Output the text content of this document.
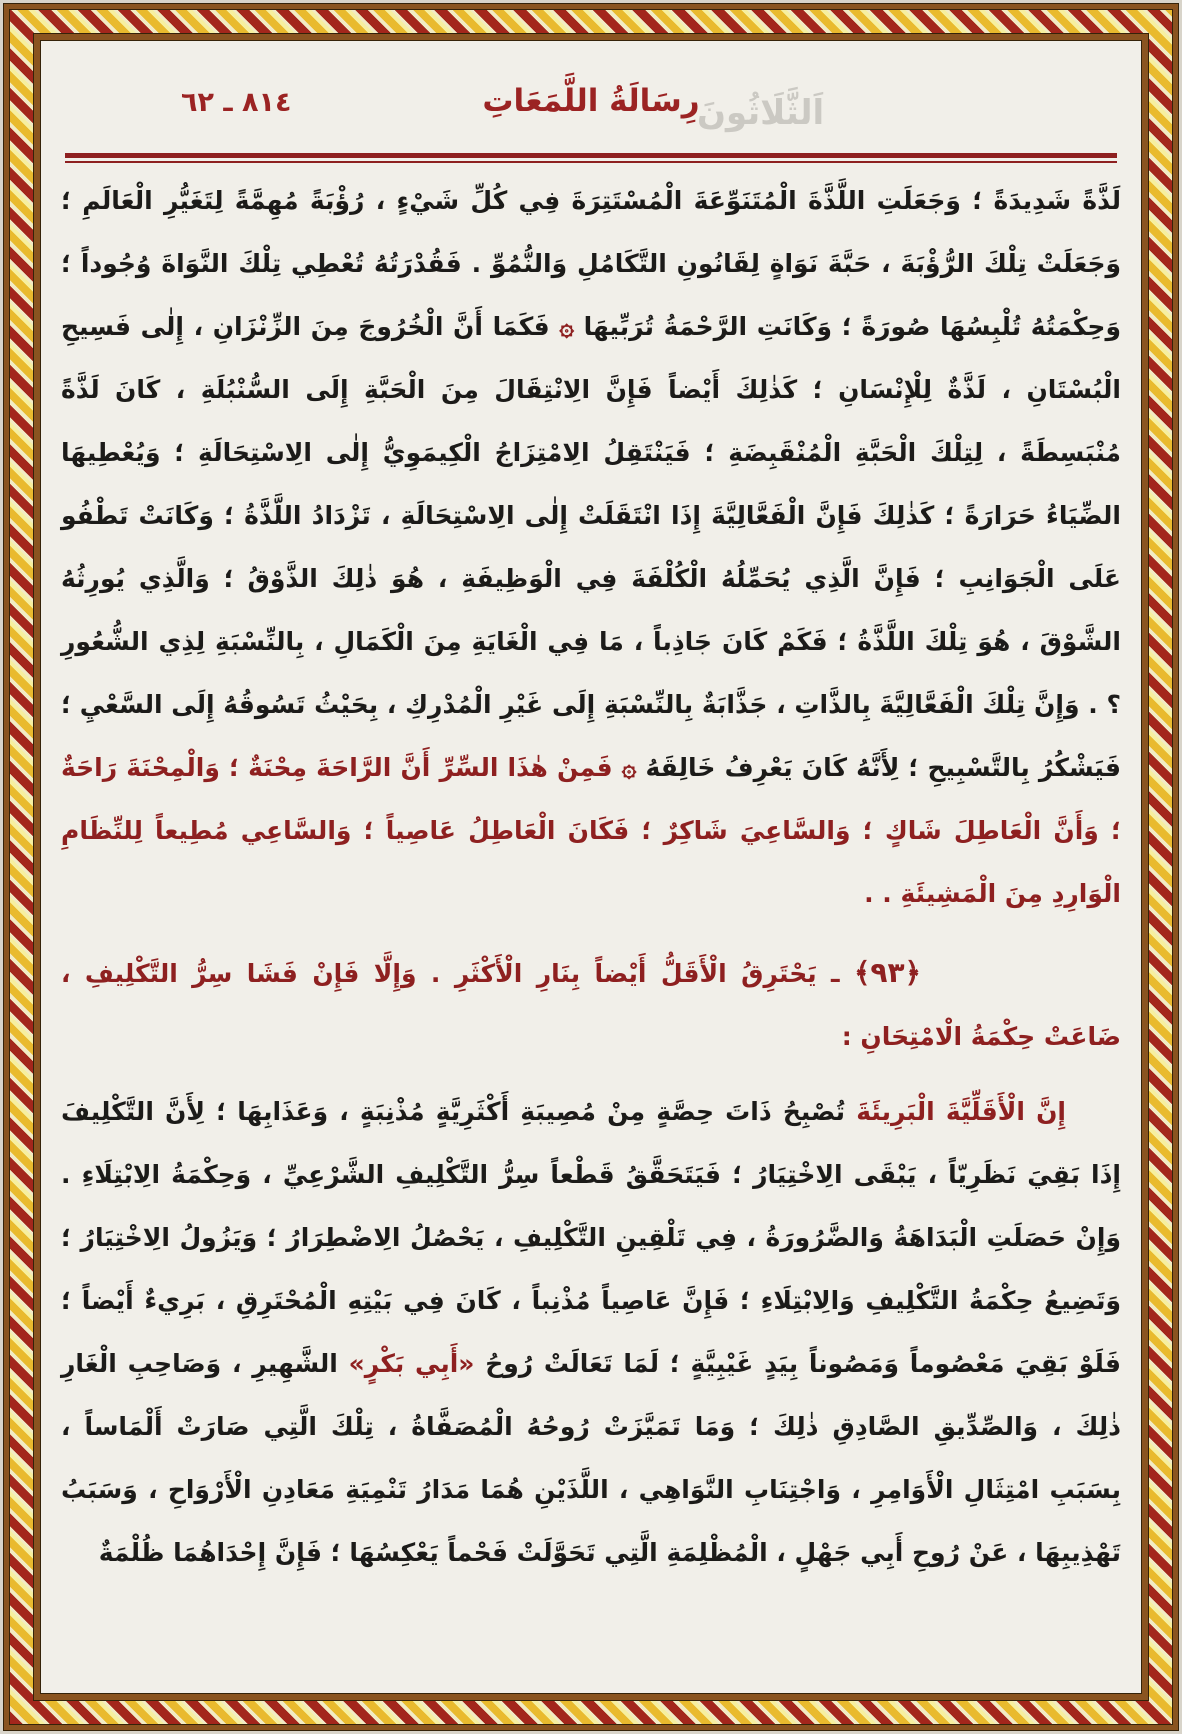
اَلثَّلَاثُونَ
رِسَالَةُ اللَّمَعَاتِ
٨١٤ ـ ٦٢

لَذَّةً شَدِيدَةً ؛ وَجَعَلَتِ اللَّذَّةَ الْمُتَنَوِّعَةَ الْمُسْتَتِرَةَ فِي كُلِّ شَيْءٍ ، رُؤْبَةً مُهِمَّةً لِتَغَيُّرِ الْعَالَمِ ؛ وَجَعَلَتْ تِلْكَ الرُّؤْبَةَ ، حَبَّةَ نَوَاةٍ لِقَانُونِ التَّكَامُلِ وَالنُّمُوِّ . فَقُدْرَتُهُ تُعْطِي تِلْكَ النَّوَاةَ وُجُوداً ؛ وَحِكْمَتُهُ تُلْبِسُهَا صُورَةً ؛ وَكَانَتِ الرَّحْمَةُ تُرَبِّيهَا ۞ فَكَمَا أَنَّ الْخُرُوجَ مِنَ الزِّنْزَانِ ، إِلٰى فَسِيحِ الْبُسْتَانِ ، لَذَّةٌ لِلْإِنْسَانِ ؛ كَذٰلِكَ أَيْضاً فَإِنَّ الِانْتِقَالَ مِنَ الْحَبَّةِ إِلَى السُّنْبُلَةِ ، كَانَ لَذَّةً مُنْبَسِطَةً ، لِتِلْكَ الْحَبَّةِ الْمُنْقَبِضَةِ ؛ فَيَنْتَقِلُ الِامْتِزَاجُ الْكِيمَوِيُّ إِلٰى الِاسْتِحَالَةِ ؛ وَيُعْطِيهَا الضِّيَاءُ حَرَارَةً ؛ كَذٰلِكَ فَإِنَّ الْفَعَّالِيَّةَ إِذَا انْتَقَلَتْ إِلٰى الِاسْتِحَالَةِ ، تَزْدَادُ اللَّذَّةُ ؛ وَكَانَتْ تَطْفُو عَلَى الْجَوَانِبِ ؛ فَإِنَّ الَّذِي يُحَمِّلُهُ الْكُلْفَةَ فِي الْوَظِيفَةِ ، هُوَ ذٰلِكَ الذَّوْقُ ؛ وَالَّذِي يُورِثُهُ الشَّوْقَ ، هُوَ تِلْكَ اللَّذَّةُ ؛ فَكَمْ كَانَ جَاذِباً ، مَا فِي الْغَايَةِ مِنَ الْكَمَالِ ، بِالنِّسْبَةِ لِذِي الشُّعُورِ ؟ . وَإِنَّ تِلْكَ الْفَعَّالِيَّةَ بِالذَّاتِ ، جَذَّابَةٌ بِالنِّسْبَةِ إِلَى غَيْرِ الْمُدْرِكِ ، بِحَيْثُ تَسُوقُهُ إِلَى السَّعْيِ ؛ فَيَشْكُرُ بِالتَّسْبِيحِ ؛ لِأَنَّهُ كَانَ يَعْرِفُ خَالِقَهُ ۞ فَمِنْ هٰذَا السِّرِّ أَنَّ الرَّاحَةَ مِحْنَةٌ ؛ وَالْمِحْنَةَ رَاحَةٌ ؛ وَأَنَّ الْعَاطِلَ شَاكٍ ؛ وَالسَّاعِيَ شَاكِرٌ ؛ فَكَانَ الْعَاطِلُ عَاصِياً ؛ وَالسَّاعِي مُطِيعاً لِلنِّظَامِ الْوَارِدِ مِنَ الْمَشِيئَةِ . .

﴿٩٣﴾ ـ يَحْتَرِقُ الْأَقَلُّ أَيْضاً بِنَارِ الْأَكْثَرِ . وَإِلَّا فَإِنْ فَشَا سِرُّ التَّكْلِيفِ ، ضَاعَتْ حِكْمَةُ الْامْتِحَانِ :

إِنَّ الْأَقَلِّيَّةَ الْبَرِيئَةَ تُصْبِحُ ذَاتَ حِصَّةٍ مِنْ مُصِيبَةِ أَكْثَرِيَّةٍ مُذْنِبَةٍ ، وَعَذَابِهَا ؛ لِأَنَّ التَّكْلِيفَ إِذَا بَقِيَ نَظَرِيّاً ، يَبْقَى الِاخْتِيَارُ ؛ فَيَتَحَقَّقُ قَطْعاً سِرُّ التَّكْلِيفِ الشَّرْعِيِّ ، وَحِكْمَةُ الِابْتِلَاءِ . وَإِنْ حَصَلَتِ الْبَدَاهَةُ وَالضَّرُورَةُ ، فِي تَلْقِينِ التَّكْلِيفِ ، يَحْصُلُ الِاضْطِرَارُ ؛ وَيَزُولُ الِاخْتِيَارُ ؛ وَتَضِيعُ حِكْمَةُ التَّكْلِيفِ وَالِابْتِلَاءِ ؛ فَإِنَّ عَاصِياً مُذْنِباً ، كَانَ فِي بَيْتِهِ الْمُحْتَرِقِ ، بَرِيءٌ أَيْضاً ؛ فَلَوْ بَقِيَ مَعْصُوماً وَمَصُوناً بِيَدٍ غَيْبِيَّةٍ ؛ لَمَا تَعَالَتْ رُوحُ «أَبِي بَكْرٍ» الشَّهِيرِ ، وَصَاحِبِ الْغَارِ ذٰلِكَ ، وَالصِّدِّيقِ الصَّادِقِ ذٰلِكَ ؛ وَمَا تَمَيَّزَتْ رُوحُهُ الْمُصَفَّاةُ ، تِلْكَ الَّتِي صَارَتْ أَلْمَاساً ، بِسَبَبِ امْتِثَالِ الْأَوَامِرِ ، وَاجْتِنَابِ النَّوَاهِي ، اللَّذَيْنِ هُمَا مَدَارُ تَنْمِيَةِ مَعَادِنِ الْأَرْوَاحِ ، وَسَبَبُ تَهْذِيبِهَا ، عَنْ رُوحِ أَبِي جَهْلٍ ، الْمُظْلِمَةِ الَّتِي تَحَوَّلَتْ فَحْماً يَعْكِسُهَا ؛ فَإِنَّ إِحْدَاهُمَا ظُلْمَةٌ
